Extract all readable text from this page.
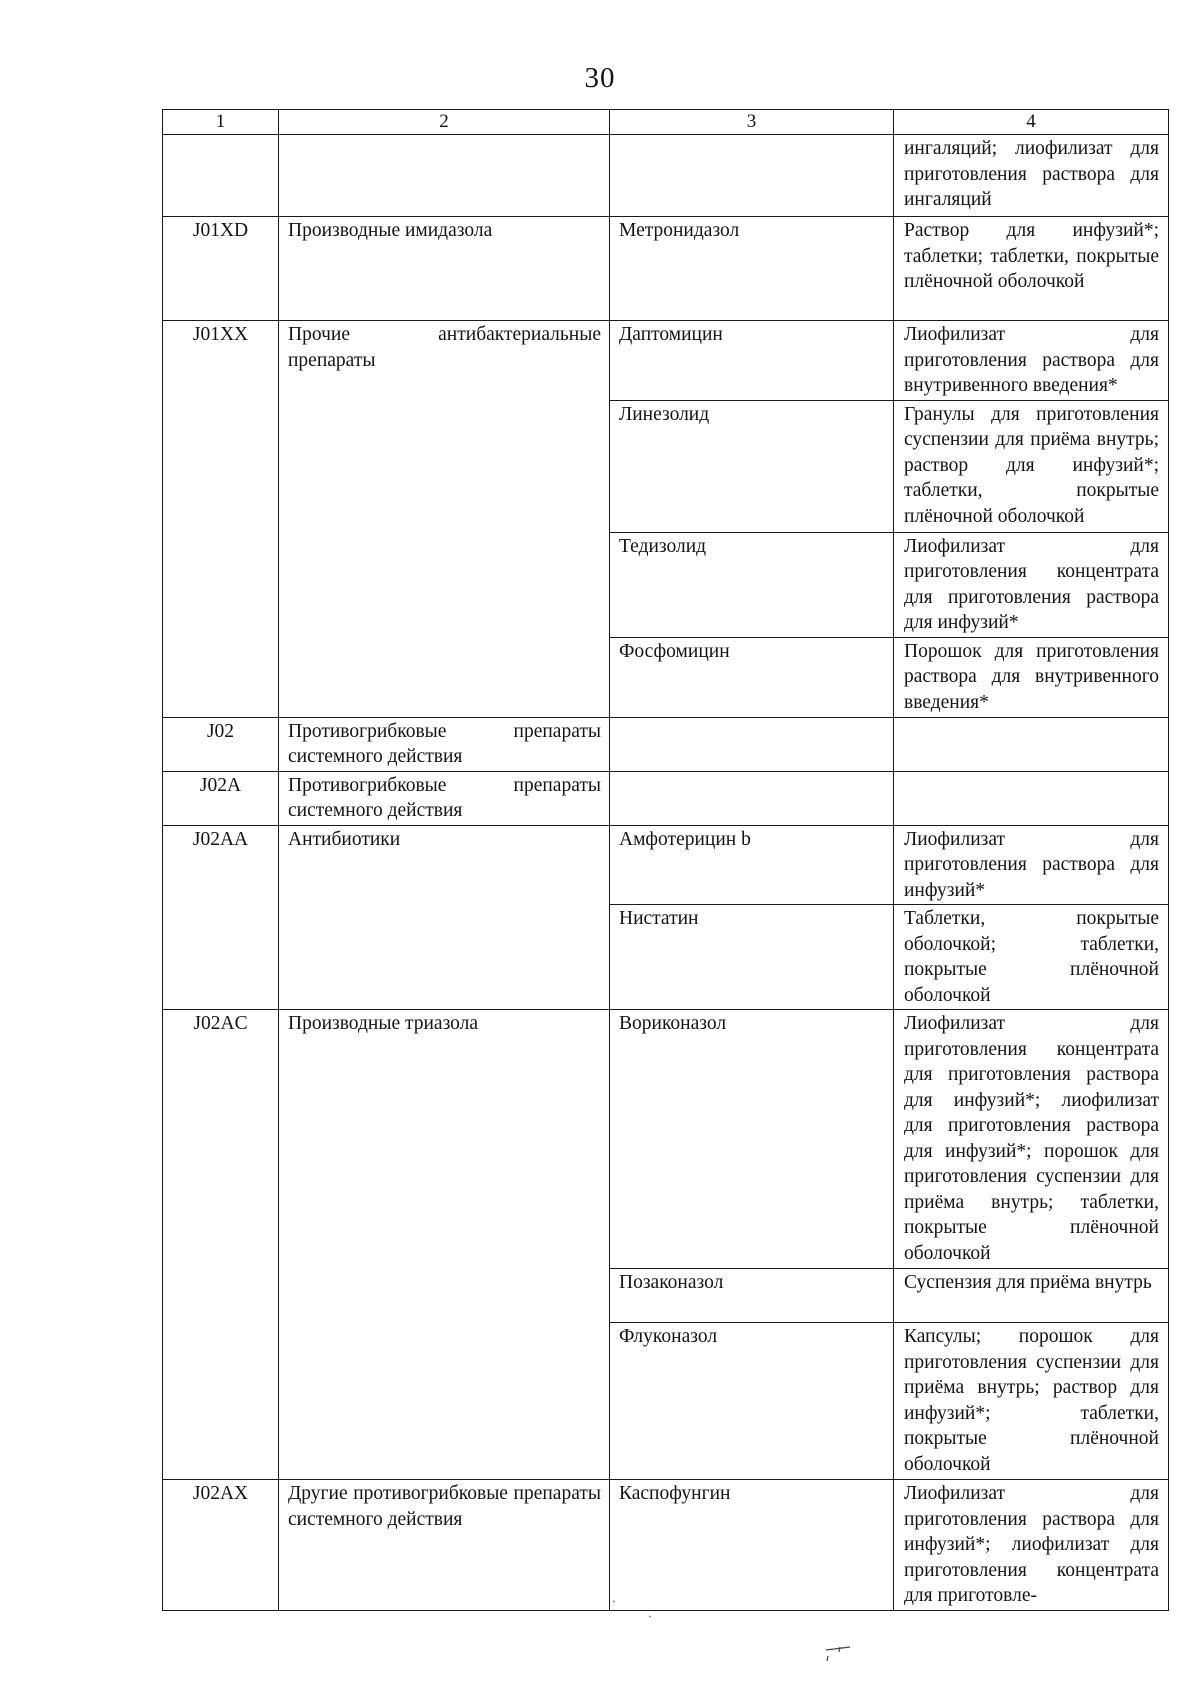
30
1	2	3	4
			ингаляций; лиофилизат для приготовления раствора для ингаляций
J01XD	Производные имидазола	Метронидазол	Раствор для инфузий*; таблетки; таблетки, покрытые плёночной оболочкой
J01XX	Прочие антибактериальные препараты	Даптомицин	Лиофилизат для приготовления раствора для внутривенного введения*
		Линезолид	Гранулы для приготовления суспензии для приёма внутрь; раствор для инфузий*; таблетки, покрытые плёночной оболочкой
		Тедизолид	Лиофилизат для приготовления концентрата для приготовления раствора для инфузий*
		Фосфомицин	Порошок для приготовления раствора для внутривенного введения*
J02	Противогрибковые препараты системного действия		
J02A	Противогрибковые препараты системного действия		
J02AA	Антибиотики	Амфотерицин b	Лиофилизат для приготовления раствора для инфузий*
		Нистатин	Таблетки, покрытые оболочкой; таблетки, покрытые плёночной оболочкой
J02AC	Производные триазола	Вориконазол	Лиофилизат для приготовления концентрата для приготовления раствора для инфузий*; лиофилизат для приготовления раствора для инфузий*; порошок для приготовления суспензии для приёма внутрь; таблетки, покрытые плёночной оболочкой
		Позаконазол	Суспензия для приёма внутрь
		Флуконазол	Капсулы; порошок для приготовления суспензии для приёма внутрь; раствор для инфузий*; таблетки, покрытые плёночной оболочкой
J02AX	Другие противогрибковые препараты системного действия	Каспофунгин	Лиофилизат для приготовления раствора для инфузий*; лиофилизат для приготовления концентрата для приготовле-
`
`
